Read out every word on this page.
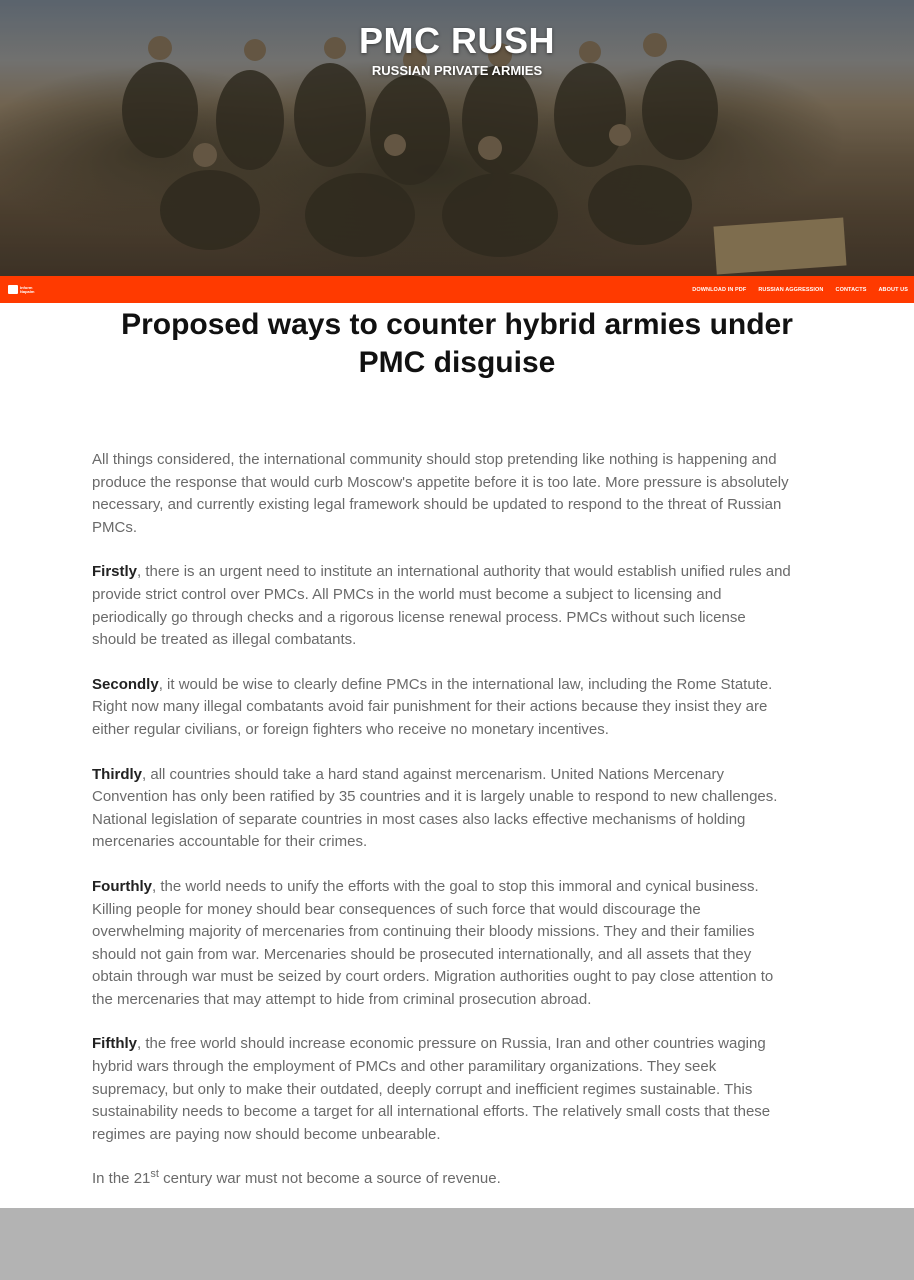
PMC RUSH
RUSSIAN PRIVATE ARMIES
Inform Napalm	DOWNLOAD IN PDF RUSSIAN AGGRESSION CONTACTS ABOUT US
Proposed ways to counter hybrid armies under PMC disguise

All things considered, the international community should stop pretending like nothing is happening and produce the response that would curb Moscow's appetite before it is too late. More pressure is absolutely necessary, and currently existing legal framework should be updated to respond to the threat of Russian PMCs.

Firstly, there is an urgent need to institute an international authority that would establish unified rules and provide strict control over PMCs. All PMCs in the world must become a subject to licensing and periodically go through checks and a rigorous license renewal process. PMCs without such license should be treated as illegal combatants.

Secondly, it would be wise to clearly define PMCs in the international law, including the Rome Statute. Right now many illegal combatants avoid fair punishment for their actions because they insist they are either regular civilians, or foreign fighters who receive no monetary incentives.

Thirdly, all countries should take a hard stand against mercenarism. United Nations Mercenary Convention has only been ratified by 35 countries and it is largely unable to respond to new challenges. National legislation of separate countries in most cases also lacks effective mechanisms of holding mercenaries accountable for their crimes.

Fourthly, the world needs to unify the efforts with the goal to stop this immoral and cynical business. Killing people for money should bear consequences of such force that would discourage the overwhelming majority of mercenaries from continuing their bloody missions. They and their families should not gain from war. Mercenaries should be prosecuted internationally, and all assets that they obtain through war must be seized by court orders. Migration authorities ought to pay close attention to the mercenaries that may attempt to hide from criminal prosecution abroad.

Fifthly, the free world should increase economic pressure on Russia, Iran and other countries waging hybrid wars through the employment of PMCs and other paramilitary organizations. They seek supremacy, but only to make their outdated, deeply corrupt and inefficient regimes sustainable. This sustainability needs to become a target for all international efforts. The relatively small costs that these regimes are paying now should become unbearable.

In the 21st century war must not become a source of revenue.
